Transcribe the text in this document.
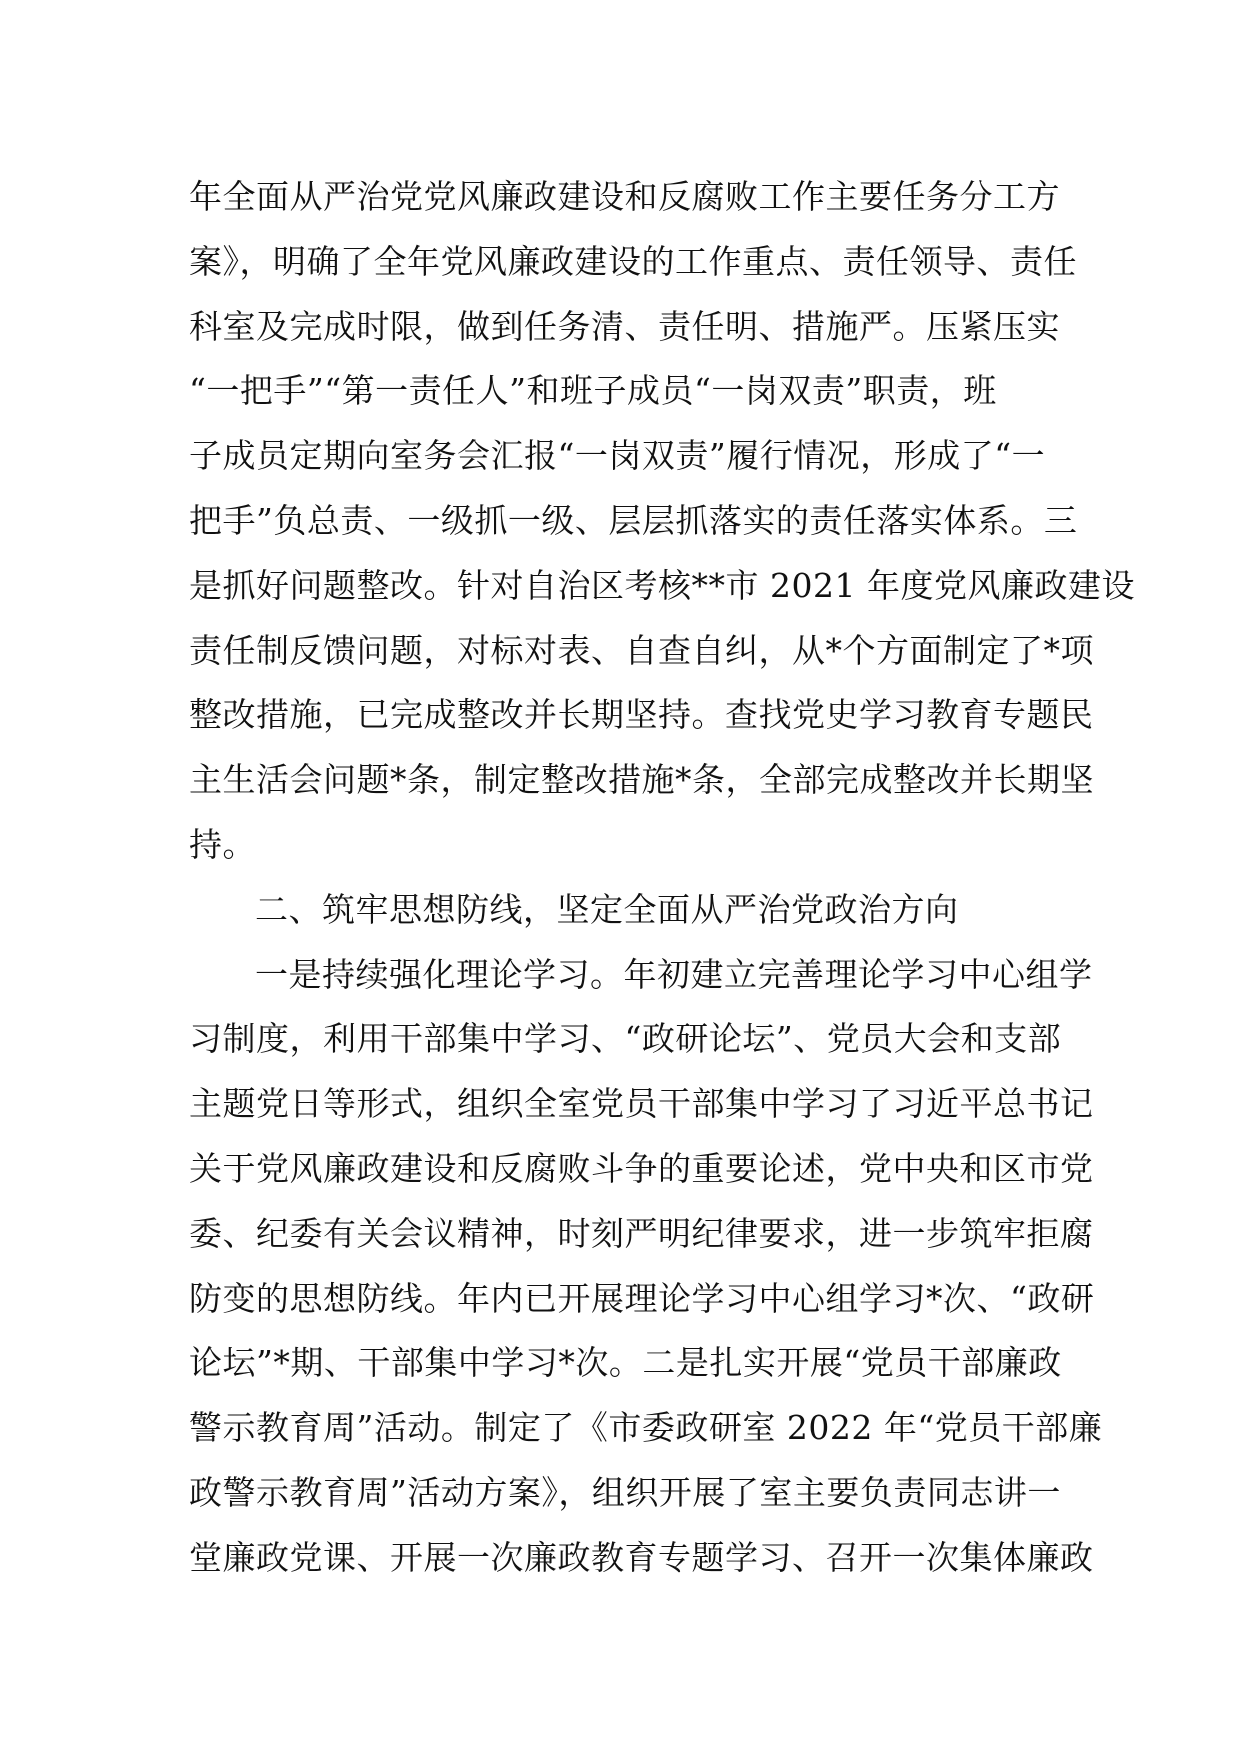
年全面从严治党党风廉政建设和反腐败工作主要任务分工方
案》，明确了全年党风廉政建设的工作重点、责任领导、责任
科室及完成时限，做到任务清、责任明、措施严。压紧压实
“一把手”“第一责任人”和班子成员“一岗双责”职责，班
子成员定期向室务会汇报“一岗双责”履行情况，形成了“一
把手”负总责、一级抓一级、层层抓落实的责任落实体系。三
是抓好问题整改。针对自治区考核**市 2021 年度党风廉政建设
责任制反馈问题，对标对表、自查自纠，从*个方面制定了*项
整改措施，已完成整改并长期坚持。查找党史学习教育专题民
主生活会问题*条，制定整改措施*条，全部完成整改并长期坚
持。
二、筑牢思想防线，坚定全面从严治党政治方向
一是持续强化理论学习。年初建立完善理论学习中心组学
习制度，利用干部集中学习、“政研论坛”、党员大会和支部
主题党日等形式，组织全室党员干部集中学习了习近平总书记
关于党风廉政建设和反腐败斗争的重要论述，党中央和区市党
委、纪委有关会议精神，时刻严明纪律要求，进一步筑牢拒腐
防变的思想防线。年内已开展理论学习中心组学习*次、“政研
论坛”*期、干部集中学习*次。二是扎实开展“党员干部廉政
警示教育周”活动。制定了《市委政研室 2022 年“党员干部廉
政警示教育周”活动方案》，组织开展了室主要负责同志讲一
堂廉政党课、开展一次廉政教育专题学习、召开一次集体廉政
